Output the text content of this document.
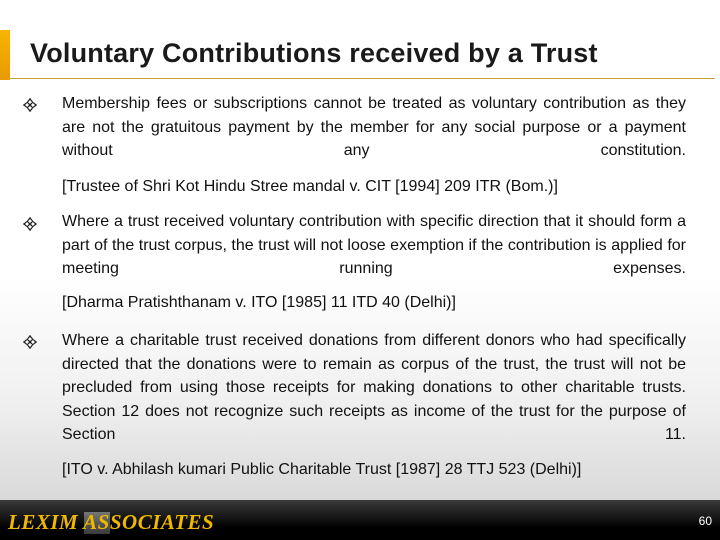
Voluntary Contributions received by a Trust
Membership fees or subscriptions cannot be treated as voluntary contribution as they are not the gratuitous payment by the member for any social purpose or a payment without any constitution.
[Trustee of Shri Kot Hindu Stree mandal v. CIT [1994] 209 ITR (Bom.)]
Where a trust received voluntary contribution with specific direction that it should form a part of the trust corpus, the trust will not loose exemption if the contribution is applied for meeting running expenses.
[Dharma Pratishthanam v. ITO [1985] 11 ITD 40 (Delhi)]
Where a charitable trust received donations from different donors who had specifically directed that the donations were to remain as corpus of the trust, the trust will not be precluded from using those receipts for making donations to other charitable trusts. Section 12 does not recognize such receipts as income of the trust for the purpose of Section 11.
[ITO v. Abhilash kumari Public Charitable Trust [1987] 28 TTJ 523 (Delhi)]
LEXIM ASSOCIATES	60
